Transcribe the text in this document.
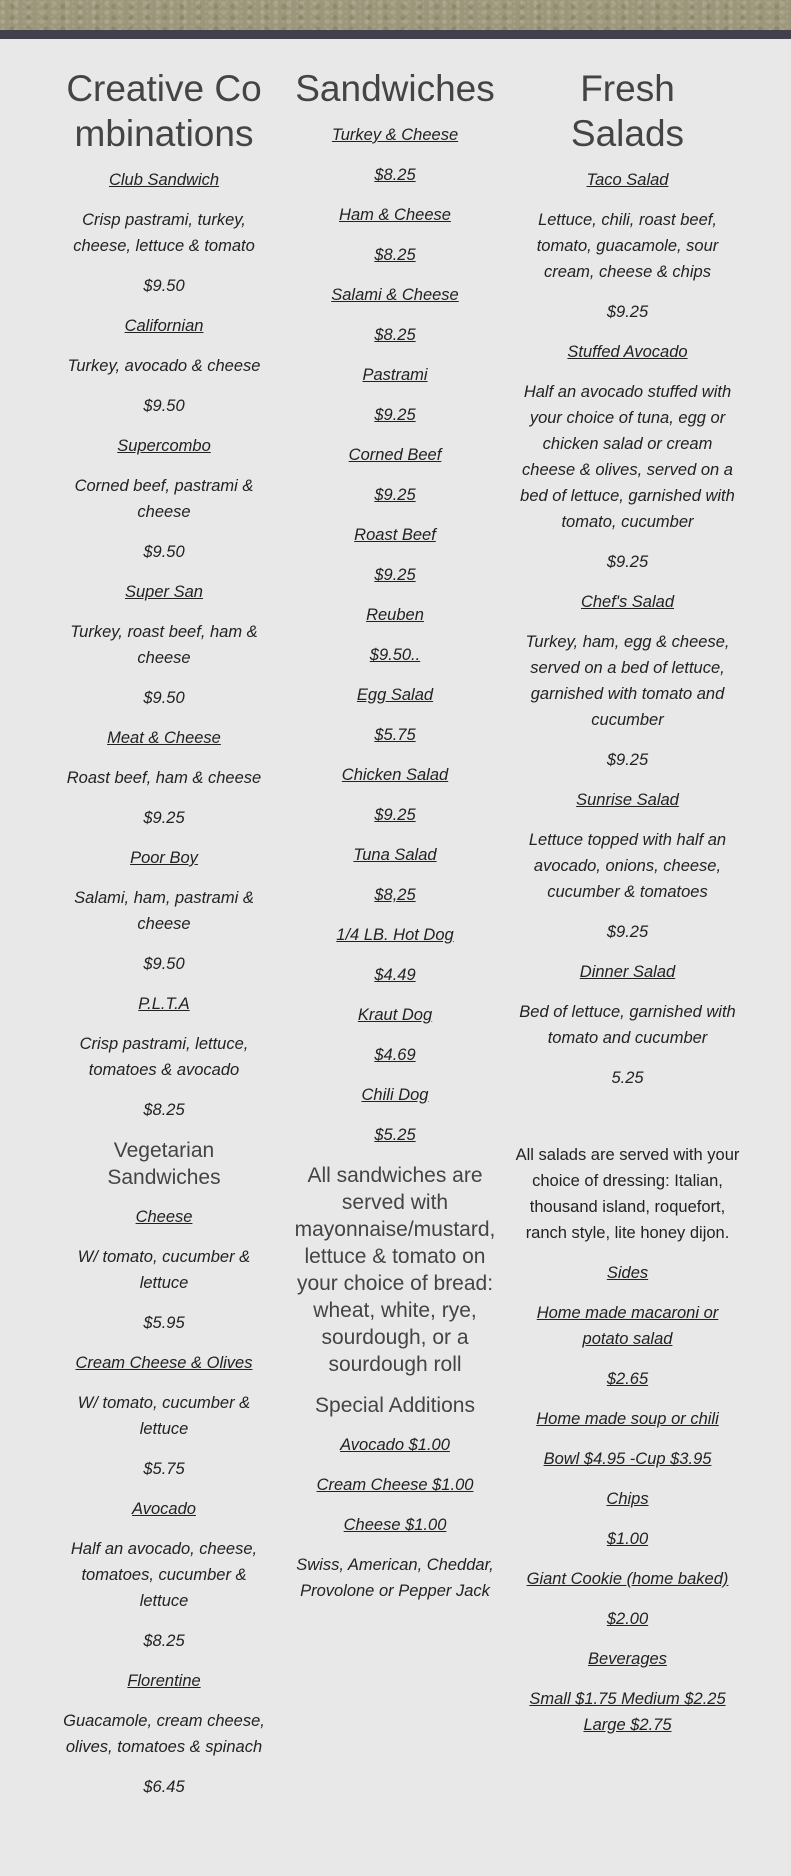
Creative Combinations
Club Sandwich
Crisp pastrami, turkey, cheese, lettuce & tomato
$9.50
Californian
Turkey, avocado & cheese
$9.50
Supercombo
Corned beef, pastrami & cheese
$9.50
Super San
Turkey, roast beef, ham & cheese
$9.50
Meat & Cheese
Roast beef, ham & cheese
$9.25
Poor Boy
Salami, ham, pastrami & cheese
$9.50
P.L.T.A
Crisp pastrami, lettuce, tomatoes & avocado
$8.25
Vegetarian Sandwiches
Cheese
W/ tomato, cucumber & lettuce
$5.95
Cream Cheese & Olives
W/ tomato, cucumber & lettuce
$5.75
Avocado
Half an avocado, cheese, tomatoes, cucumber & lettuce
$8.25
Florentine
Guacamole, cream cheese, olives, tomatoes & spinach
$6.45
Sandwiches
Turkey & Cheese
$8.25
Ham & Cheese
$8.25
Salami & Cheese
$8.25
Pastrami
$9.25
Corned Beef
$9.25
Roast Beef
$9.25
Reuben
$9.50..
Egg Salad
$5.75
Chicken Salad
$9.25
Tuna Salad
$8,25
1/4 LB. Hot Dog
$4.49
Kraut Dog
$4.69
Chili Dog
$5.25
All sandwiches are served with mayonnaise/mustard, lettuce & tomato on your choice of bread: wheat, white, rye, sourdough, or a sourdough roll
Special Additions
Avocado $1.00
Cream Cheese $1.00
Cheese $1.00
Swiss, American, Cheddar, Provolone or Pepper Jack
Fresh Salads
Taco Salad
Lettuce, chili, roast beef, tomato, guacamole, sour cream, cheese & chips
$9.25
Stuffed Avocado
Half an avocado stuffed with your choice of tuna, egg or chicken salad or cream cheese & olives, served on a bed of lettuce, garnished with tomato, cucumber
$9.25
Chef's Salad
Turkey, ham, egg & cheese, served on a bed of lettuce, garnished with tomato and cucumber
$9.25
Sunrise Salad
Lettuce topped with half an avocado, onions, cheese, cucumber & tomatoes
$9.25
Dinner Salad
Bed of lettuce, garnished with tomato and cucumber
5.25
All salads are served with your choice of dressing: Italian, thousand island, roquefort, ranch style, lite honey dijon.
Sides
Home made macaroni or potato salad
$2.65
Home made soup or chili
Bowl $4.95 -Cup $3.95
Chips
$1.00
Giant Cookie (home baked)
$2.00
Beverages
Small $1.75 Medium $2.25 Large $2.75
